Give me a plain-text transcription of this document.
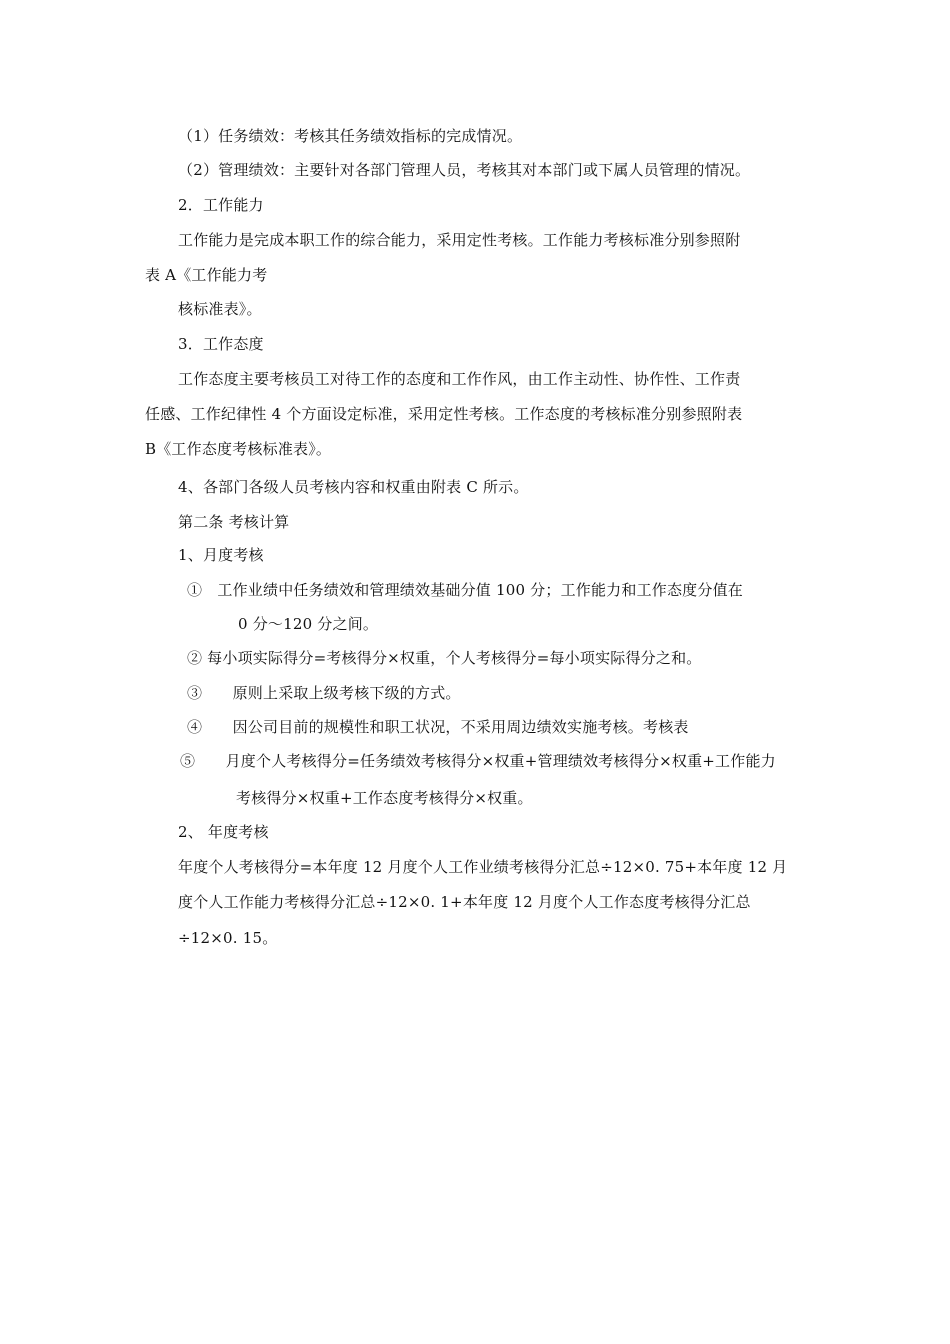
（1）任务绩效：考核其任务绩效指标的完成情况。
（2）管理绩效：主要针对各部门管理人员，考核其对本部门或下属人员管理的情况。
2．工作能力
工作能力是完成本职工作的综合能力，采用定性考核。工作能力考核标准分别参照附
表 A《工作能力考
核标准表》。
3．工作态度
工作态度主要考核员工对待工作的态度和工作作风，由工作主动性、协作性、工作责
任感、工作纪律性 4 个方面设定标准，采用定性考核。工作态度的考核标准分别参照附表
B《工作态度考核标准表》。
4、各部门各级人员考核内容和权重由附表 C 所示。
第二条 考核计算
1、月度考核
①　工作业绩中任务绩效和管理绩效基础分值 100 分；工作能力和工作态度分值在
0 分～120 分之间。
② 每小项实际得分=考核得分×权重，个人考核得分=每小项实际得分之和。
③　　原则上采取上级考核下级的方式。
④　　因公司目前的规模性和职工状况，不采用周边绩效实施考核。考核表
⑤　　月度个人考核得分=任务绩效考核得分×权重+管理绩效考核得分×权重+工作能力
考核得分×权重+工作态度考核得分×权重。
2、 年度考核
年度个人考核得分=本年度 12 月度个人工作业绩考核得分汇总÷12×0. 75+本年度 12 月
度个人工作能力考核得分汇总÷12×0. 1+本年度 12 月度个人工作态度考核得分汇总
÷12×0. 15。
